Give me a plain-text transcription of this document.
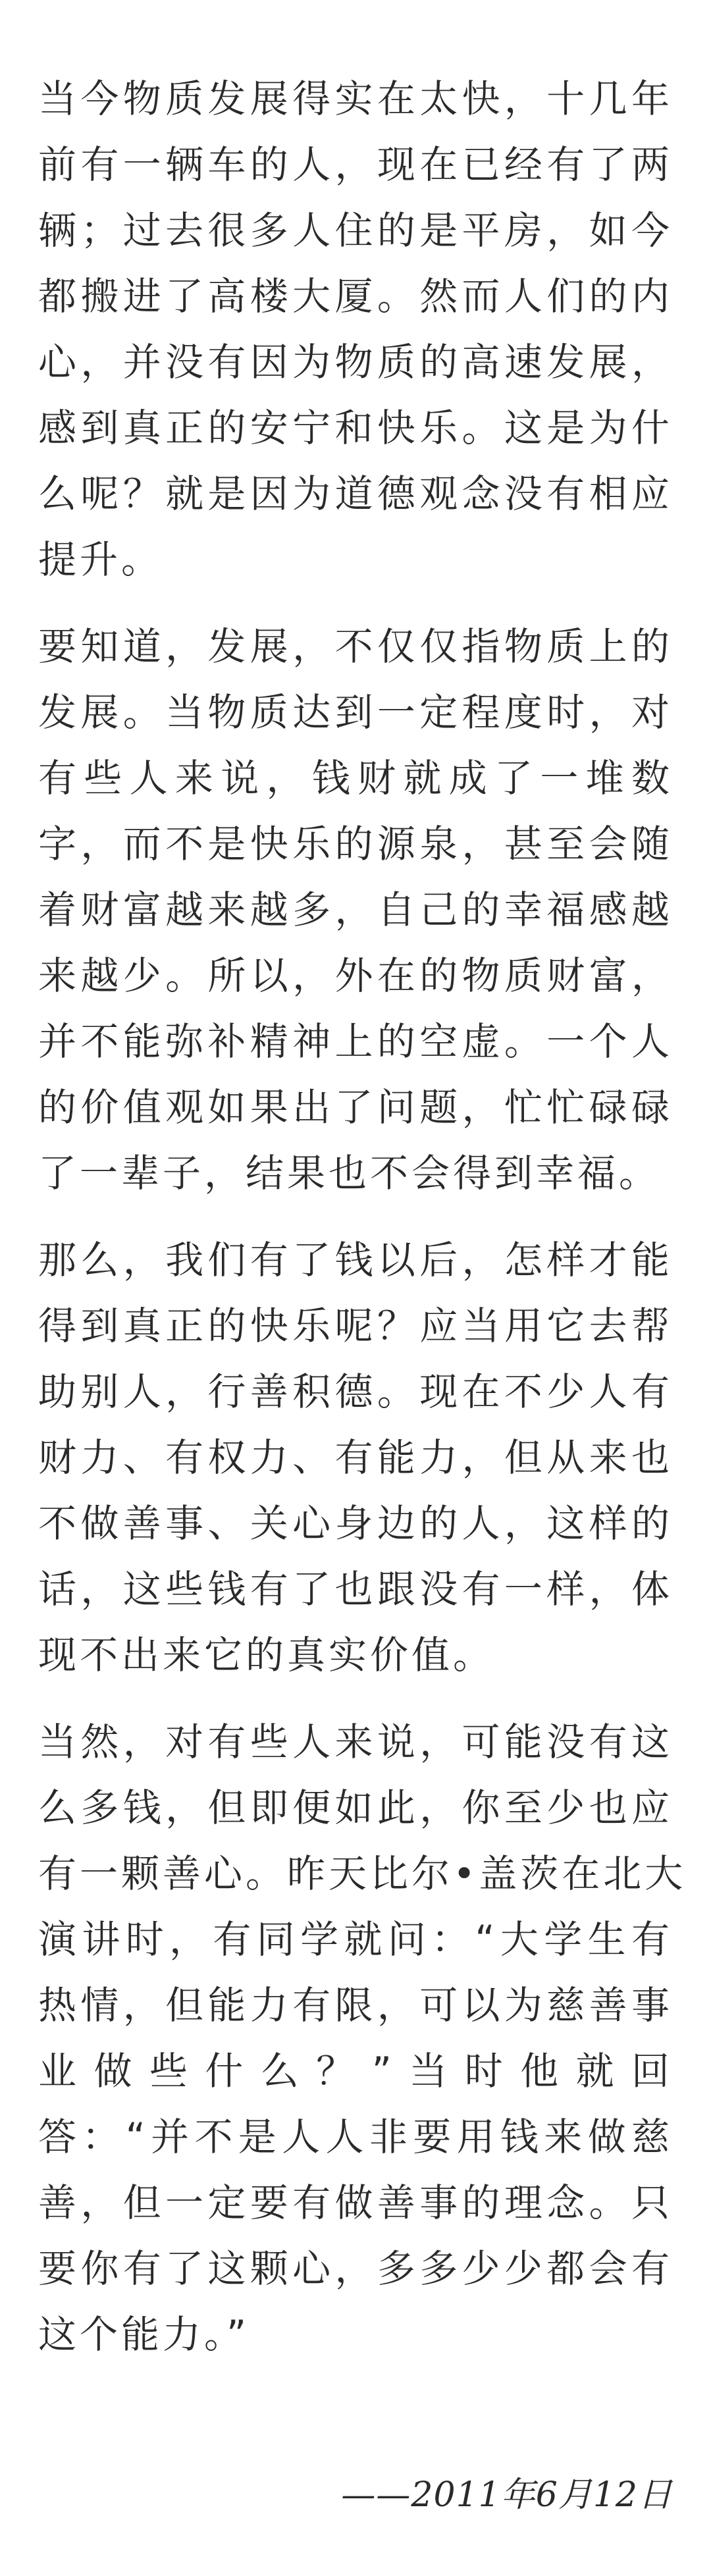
当今物质发展得实在太快，十几年
前有一辆车的人，现在已经有了两
辆；过去很多人住的是平房，如今
都搬进了高楼大厦。然而人们的内
心，并没有因为物质的高速发展，
感到真正的安宁和快乐。这是为什
么呢？就是因为道德观念没有相应
提升。
要知道，发展，不仅仅指物质上的
发展。当物质达到一定程度时，对
有些人来说，钱财就成了一堆数
字，而不是快乐的源泉，甚至会随
着财富越来越多，自己的幸福感越
来越少。所以，外在的物质财富，
并不能弥补精神上的空虚。一个人
的价值观如果出了问题，忙忙碌碌
了一辈子，结果也不会得到幸福。
那么，我们有了钱以后，怎样才能
得到真正的快乐呢？应当用它去帮
助别人，行善积德。现在不少人有
财力、有权力、有能力，但从来也
不做善事、关心身边的人，这样的
话，这些钱有了也跟没有一样，体
现不出来它的真实价值。
当然，对有些人来说，可能没有这
么多钱，但即便如此，你至少也应
有一颗善心。昨天比尔•盖茨在北大
演讲时，有同学就问：“大学生有
热情，但能力有限，可以为慈善事
业做些什么？”当时他就回
答：“并不是人人非要用钱来做慈
善，但一定要有做善事的理念。只
要你有了这颗心，多多少少都会有
这个能力。”
——2011年6月12日
